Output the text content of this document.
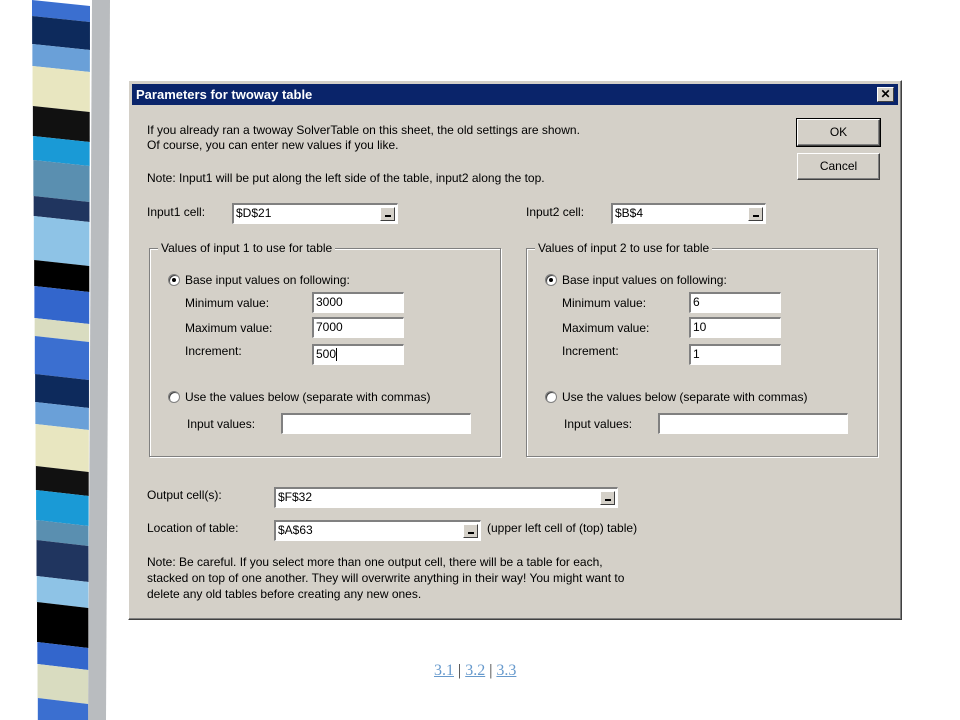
Parameters for twoway table	✕
If you already ran a twoway SolverTable on this sheet, the old settings are shown.
Of course, you can enter new values if you like.
Note: Input1 will be put along the left side of the table, input2 along the top.
OK
Cancel
Input1 cell:	$D$21	Input2 cell:	$B$4
Values of input 1 to use for table
Base input values on following:
Minimum value:	3000
Maximum value:	7000
Increment:	500
Use the values below (separate with commas)
Input values:
Values of input 2 to use for table
Base input values on following:
Minimum value:	6
Maximum value:	10
Increment:	1
Use the values below (separate with commas)
Input values:
Output cell(s):	$F$32
Location of table:	$A$63	(upper left cell of (top) table)
Note: Be careful. If you select more than one output cell, there will be a table for each,
stacked on top of one another. They will overwrite anything in their way! You might want to
delete any old tables before creating any new ones.
3.1 | 3.2 | 3.3
